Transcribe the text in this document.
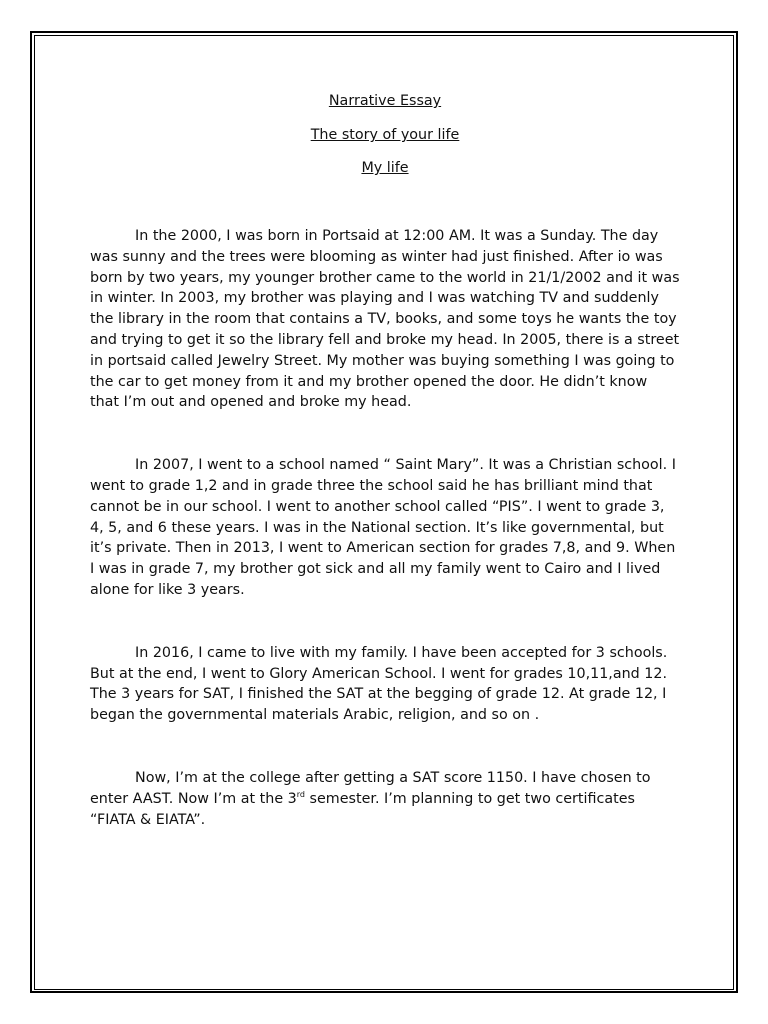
Narrative Essay

The story of your life

My life

In the 2000, I was born in Portsaid at 12:00 AM. It was a Sunday. The day was sunny and the trees were blooming as winter had just finished. After io was born by two years, my younger brother came to the world in 21/1/2002 and it was in winter. In 2003, my brother was playing and I was watching TV and suddenly the library in the room that contains a TV, books, and some toys he wants the toy and trying to get it so the library fell and broke my head. In 2005, there is a street in portsaid called Jewelry Street. My mother was buying something I was going to the car to get money from it and my brother opened the door. He didn’t know that I’m out and opened and broke my head.

In 2007, I went to a school named “ Saint Mary”. It was a Christian school. I went to grade 1,2 and in grade three the school said he has brilliant mind that cannot be in our school. I went to another school called “PIS”. I went to grade 3, 4, 5, and 6 these years. I was in the National section. It’s like governmental, but it’s private. Then in 2013, I went to American section for grades 7,8, and 9. When I was in grade 7, my brother got sick and all my family went to Cairo and I lived alone for like 3 years.

In 2016, I came to live with my family. I have been accepted for 3 schools. But at the end, I went to Glory American School. I went for grades 10,11,and 12. The 3 years for SAT, I finished the SAT at the begging of grade 12. At grade 12, I began the governmental materials Arabic, religion, and so on .

Now, I’m at the college after getting a SAT score 1150. I have chosen to enter AAST. Now I’m at the 3rd semester. I’m planning to get two certificates “FIATA & EIATA”.
